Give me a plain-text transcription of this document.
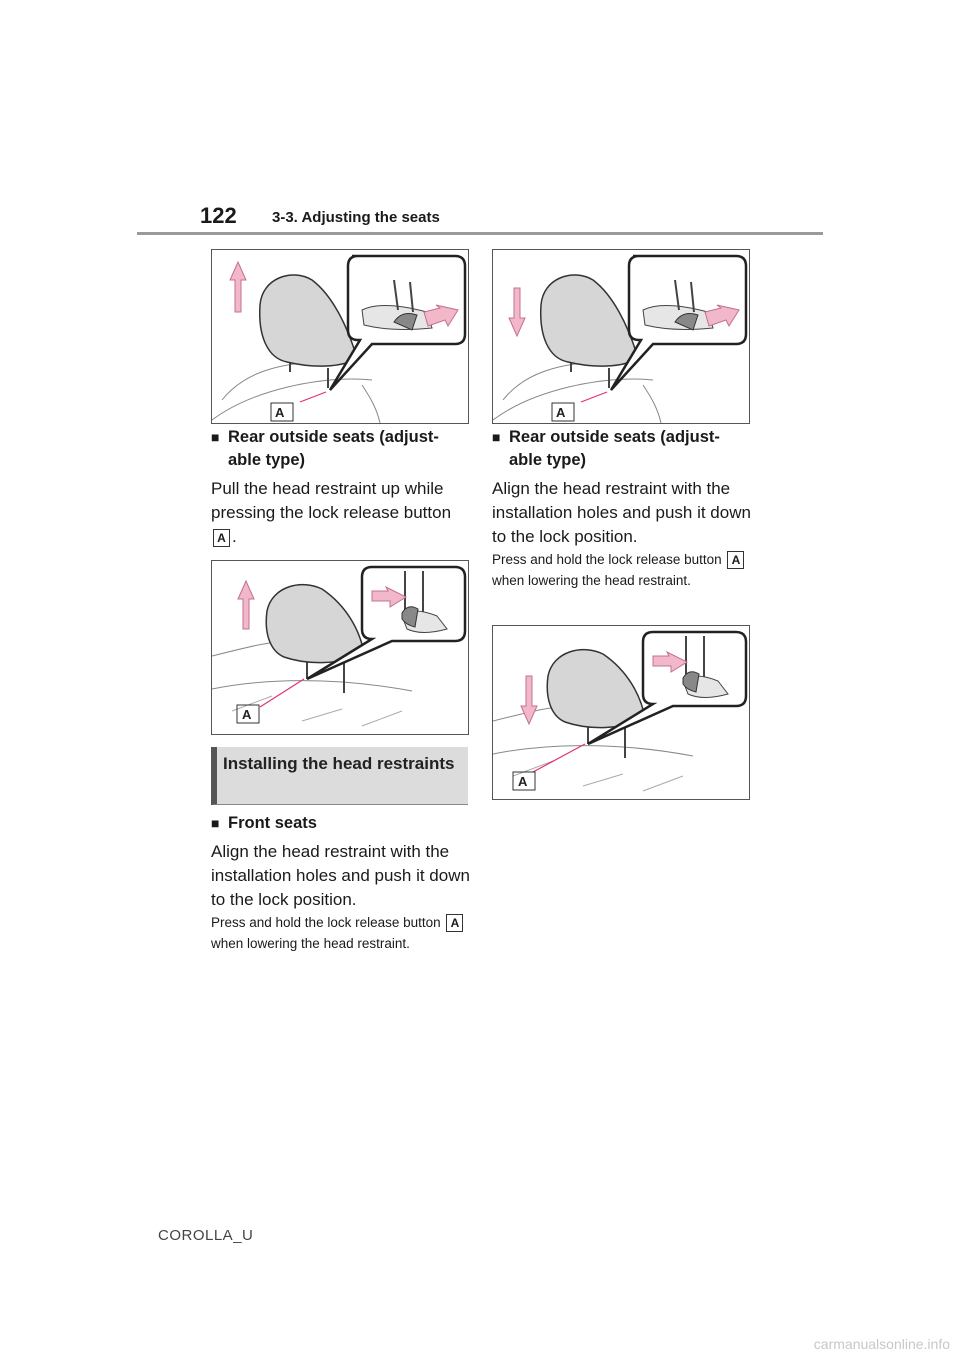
122 3-3. Adjusting the seats
A
■ Rear outside seats (adjust-able type)
Pull the head restraint up while pressing the lock release button A .
A
Installing the head restraints
■ Front seats
Align the head restraint with the installation holes and push it down to the lock position.
Press and hold the lock release button A when lowering the head restraint.
A
■ Rear outside seats (adjust-able type)
Align the head restraint with the installation holes and push it down to the lock position.
Press and hold the lock release button A when lowering the head restraint.
A
COROLLA_U
carmanualsonline.info
